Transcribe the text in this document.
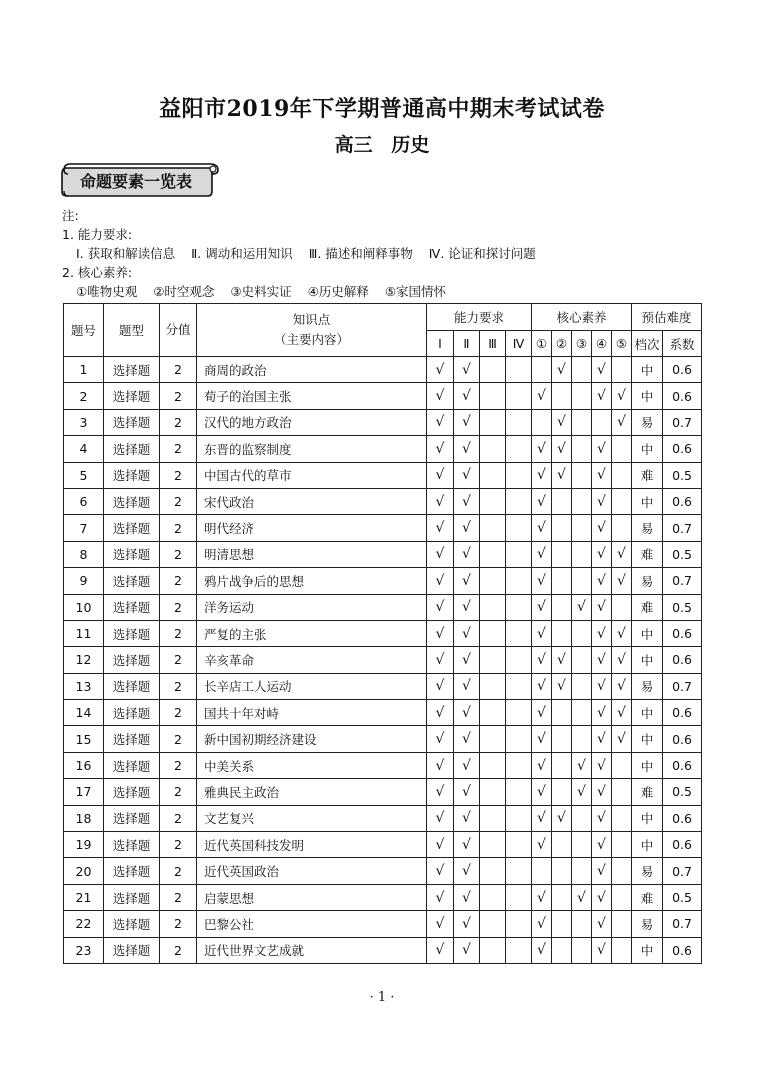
益阳市2019年下学期普通高中期末考试试卷
高三 历史
命题要素一览表
注:
1. 能力要求:
Ⅰ. 获取和解读信息 Ⅱ. 调动和运用知识 Ⅲ. 描述和阐释事物 Ⅳ. 论证和探讨问题
2. 核心素养:
①唯物史观 ②时空观念 ③史料实证 ④历史解释 ⑤家国情怀
题号	题型	分值	知识点
（主要内容）	能力要求				核心素养					预估难度	
				Ⅰ	Ⅱ	Ⅲ	Ⅳ	①	②	③	④	⑤	档次	系数
1	选择题	2	商周的政治	√	√				√		√		中	0.6
2	选择题	2	荀子的治国主张	√	√			√			√	√	中	0.6
3	选择题	2	汉代的地方政治	√	√				√			√	易	0.7
4	选择题	2	东晋的监察制度	√	√			√	√		√		中	0.6
5	选择题	2	中国古代的草市	√	√			√	√		√		难	0.5
6	选择题	2	宋代政治	√	√			√			√		中	0.6
7	选择题	2	明代经济	√	√			√			√		易	0.7
8	选择题	2	明清思想	√	√			√			√	√	难	0.5
9	选择题	2	鸦片战争后的思想	√	√			√			√	√	易	0.7
10	选择题	2	洋务运动	√	√			√		√	√		难	0.5
11	选择题	2	严复的主张	√	√			√			√	√	中	0.6
12	选择题	2	辛亥革命	√	√			√	√		√	√	中	0.6
13	选择题	2	长辛店工人运动	√	√			√	√		√	√	易	0.7
14	选择题	2	国共十年对峙	√	√			√			√	√	中	0.6
15	选择题	2	新中国初期经济建设	√	√			√			√	√	中	0.6
16	选择题	2	中美关系	√	√			√		√	√		中	0.6
17	选择题	2	雅典民主政治	√	√			√		√	√		难	0.5
18	选择题	2	文艺复兴	√	√			√	√		√		中	0.6
19	选择题	2	近代英国科技发明	√	√			√			√		中	0.6
20	选择题	2	近代英国政治	√	√						√		易	0.7
21	选择题	2	启蒙思想	√	√			√		√	√		难	0.5
22	选择题	2	巴黎公社	√	√			√			√		易	0.7
23	选择题	2	近代世界文艺成就	√	√			√			√		中	0.6
· 1 ·
